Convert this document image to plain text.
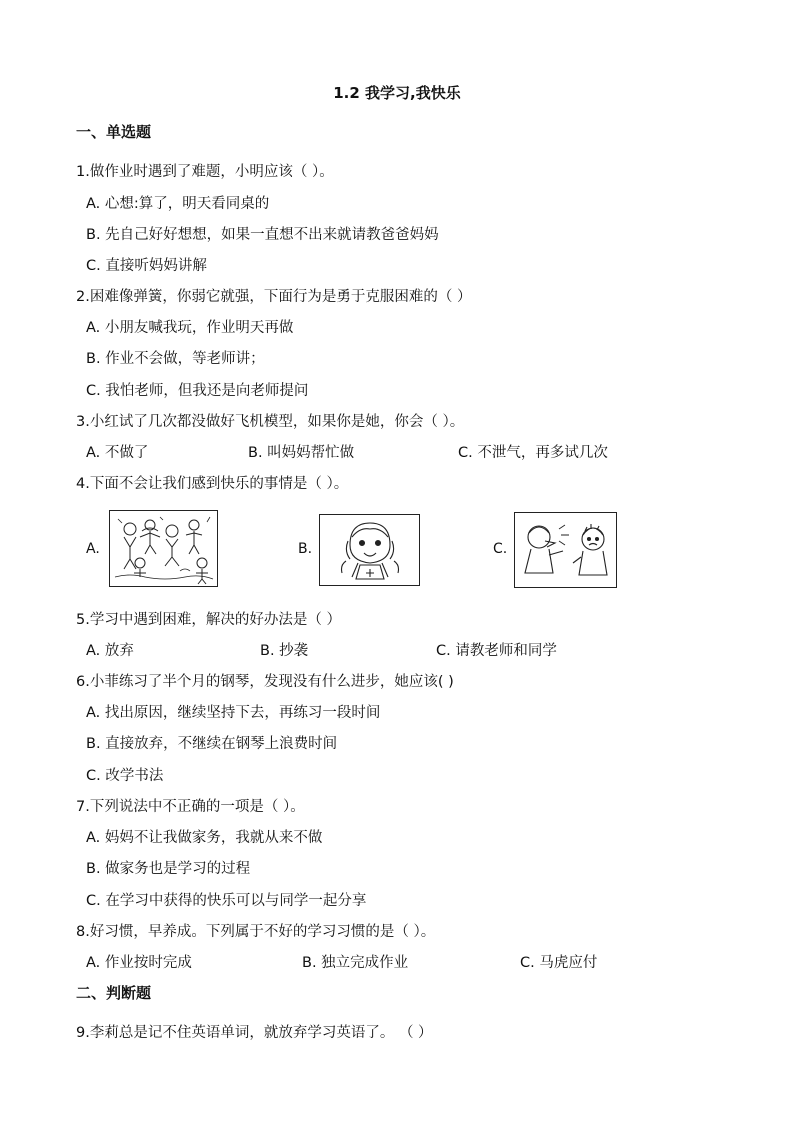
1.2 我学习,我快乐
一、单选题
1.做作业时遇到了难题，小明应该（ ）。
A. 心想:算了，明天看同桌的
B. 先自己好好想想，如果一直想不出来就请教爸爸妈妈
C. 直接听妈妈讲解
2.困难像弹簧，你弱它就强，下面行为是勇于克服困难的（ ）
A. 小朋友喊我玩，作业明天再做
B. 作业不会做，等老师讲；
C. 我怕老师，但我还是向老师提问
3.小红试了几次都没做好飞机模型，如果你是她，你会（ ）。
A. 不做了	B. 叫妈妈帮忙做	C. 不泄气，再多试几次
4.下面不会让我们感到快乐的事情是（ ）。
A.	B.	C.
5.学习中遇到困难，解决的好办法是（ ）
A. 放弃	B. 抄袭	C. 请教老师和同学
6.小菲练习了半个月的钢琴，发现没有什么进步，她应该( )
A. 找出原因，继续坚持下去，再练习一段时间
B. 直接放弃，不继续在钢琴上浪费时间
C. 改学书法
7.下列说法中不正确的一项是（ ）。
A. 妈妈不让我做家务，我就从来不做
B. 做家务也是学习的过程
C. 在学习中获得的快乐可以与同学一起分享
8.好习惯，早养成。下列属于不好的学习习惯的是（ ）。
A. 作业按时完成	B. 独立完成作业	C. 马虎应付
二、判断题
9.李莉总是记不住英语单词，就放弃学习英语了。 （ ）
